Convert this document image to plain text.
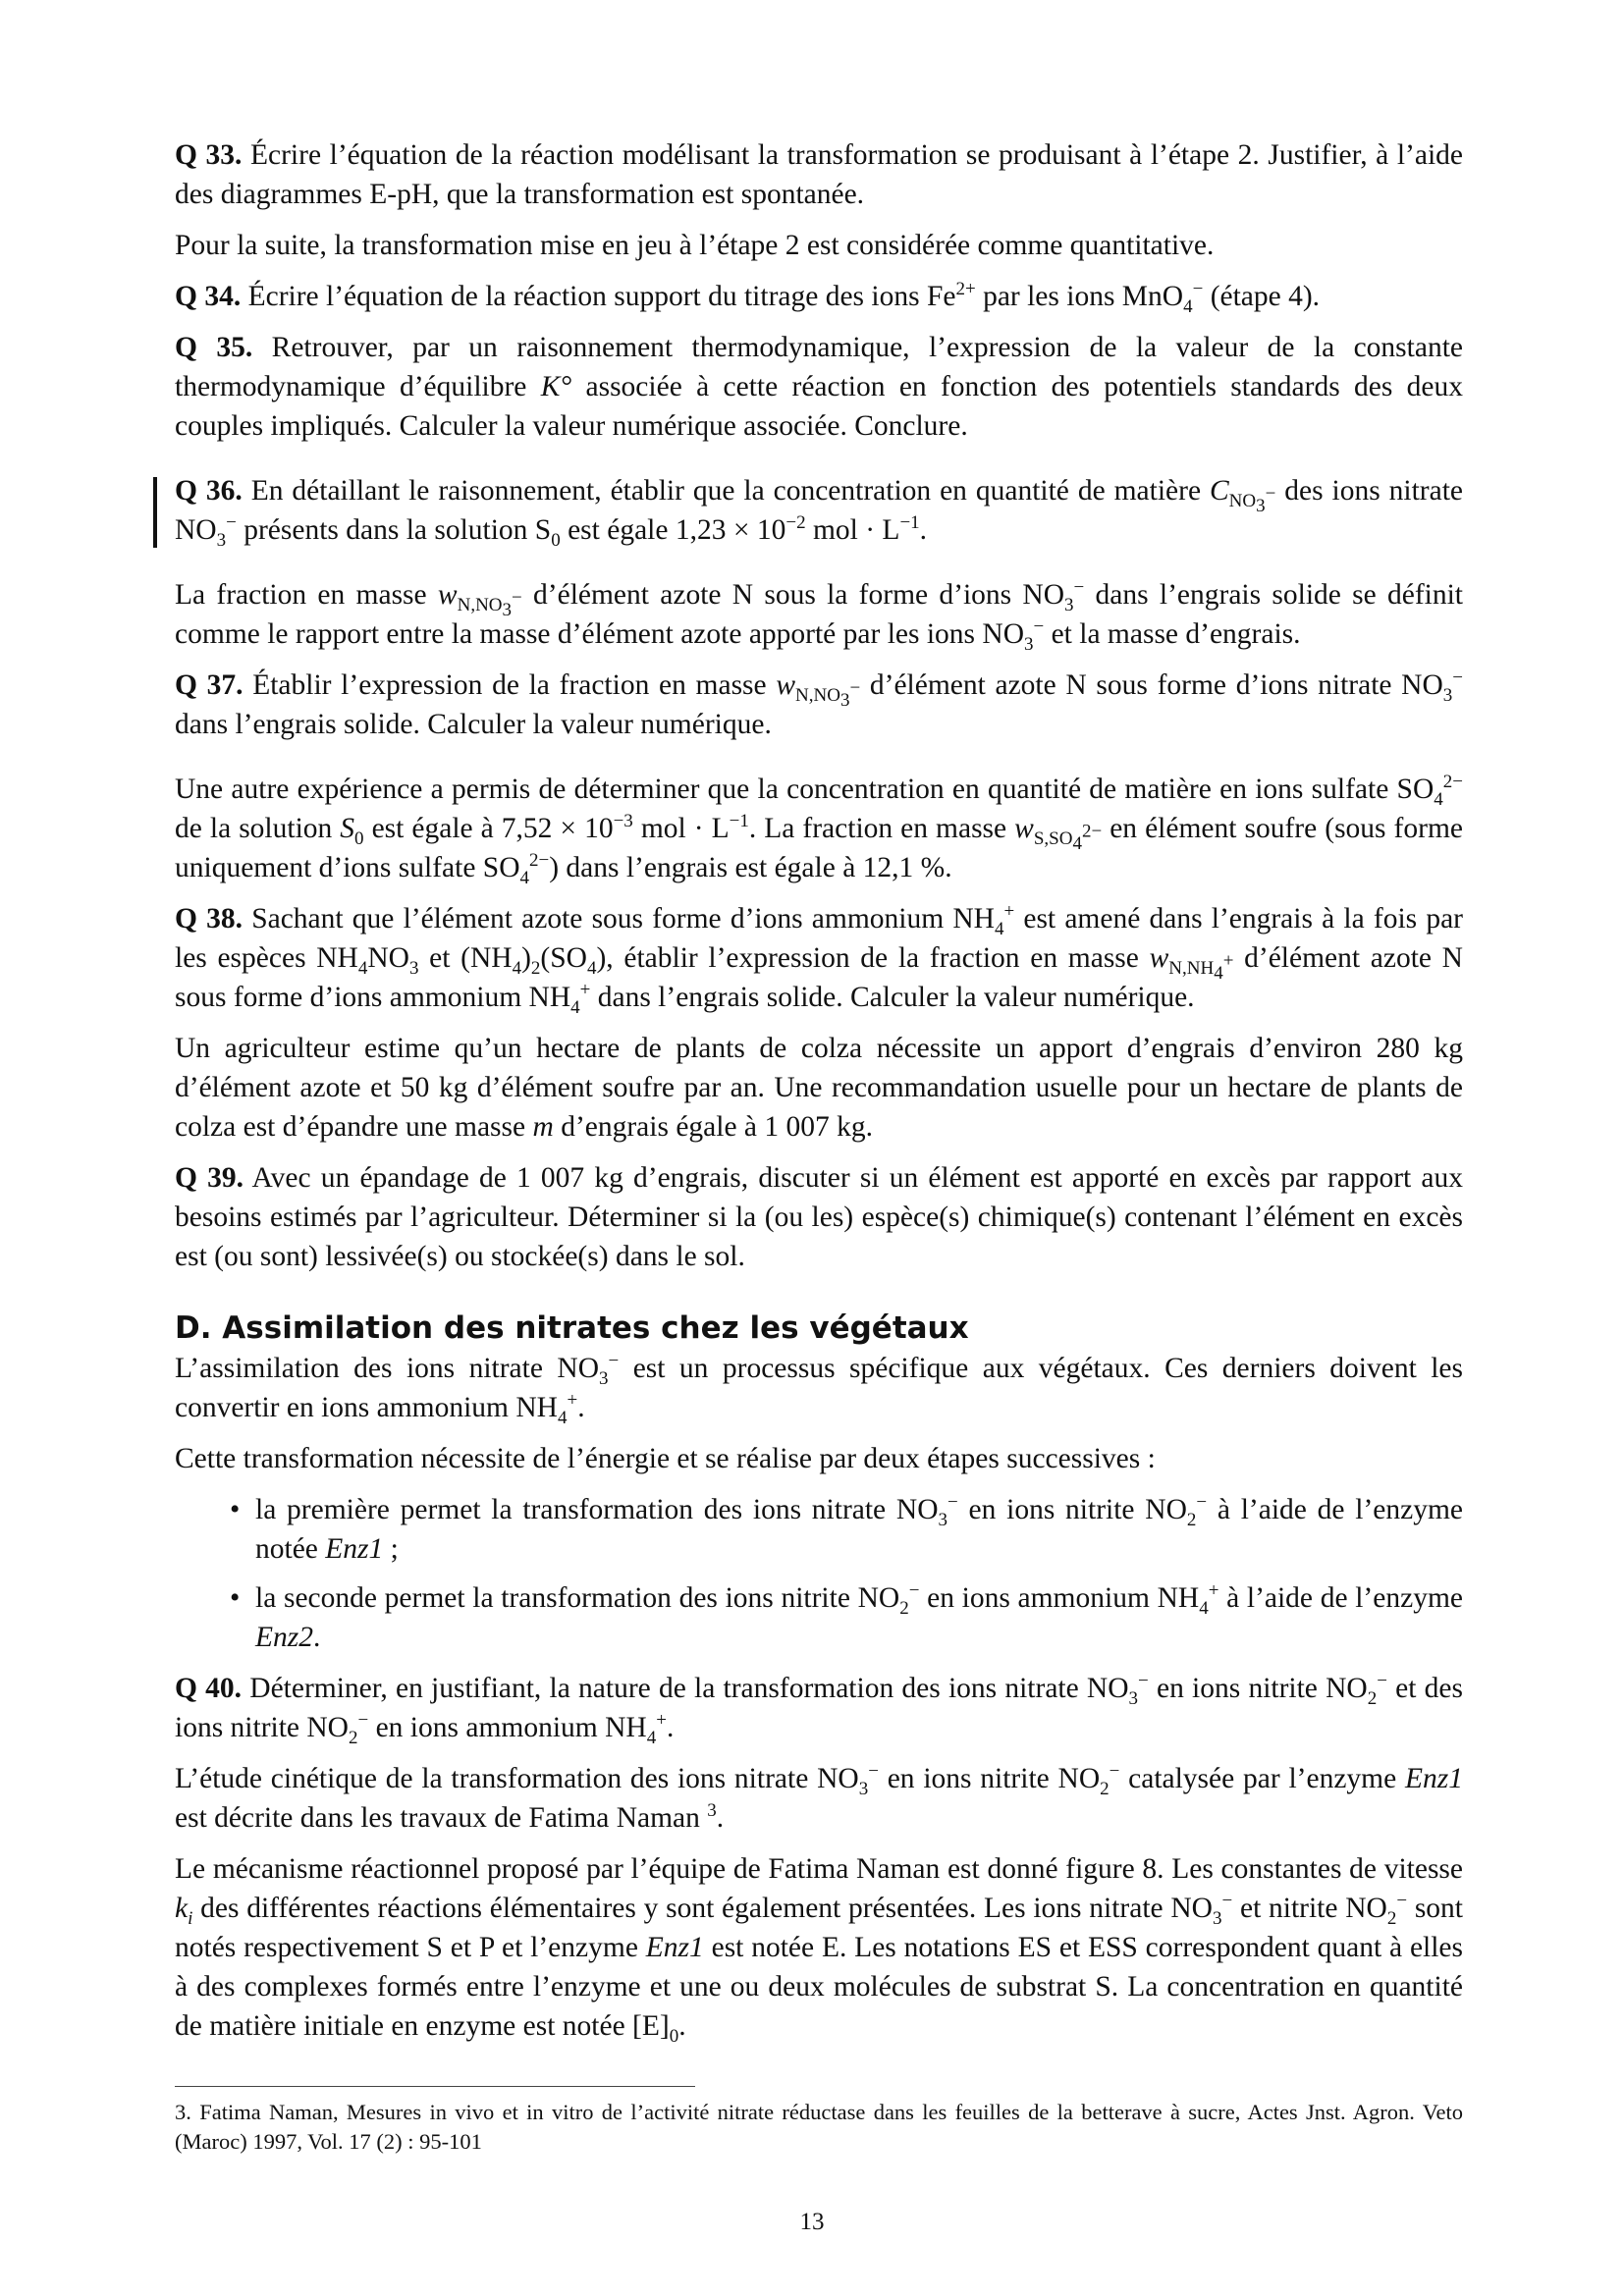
Q 33. Écrire l’équation de la réaction modélisant la transformation se produisant à l’étape 2. Justifier, à l’aide des diagrammes E-pH, que la transformation est spontanée.

Pour la suite, la transformation mise en jeu à l’étape 2 est considérée comme quantitative.

Q 34. Écrire l’équation de la réaction support du titrage des ions $Fe^{2+}$ par les ions MnO$_4$− (étape 4).

Q 35. Retrouver, par un raisonnement thermodynamique, l’expression de la valeur de la constante thermodynamique d’équilibre K° associée à cette réaction en fonction des potentiels standards des deux couples impliqués. Calculer la valeur numérique associée. Conclure.

Q 36. En détaillant le raisonnement, établir que la concentration en quantité de matière $C_{NO_3^-}$ des ions nitrate $NO_3^-$ présents dans la solution $S_0$ est égale $1,23 \times 10^{-2}$ mol · $L^{-1}$.

La fraction en masse $w_{N,NO_3^-}$ d’élément azote N sous la forme d’ions $NO_3^-$ dans l’engrais solide se définit comme le rapport entre la masse d’élément azote apporté par les ions $NO_3^-$ et la masse d’engrais.

Q 37. Établir l’expression de la fraction en masse $w_{N,NO_3^-}$ d’élément azote N sous forme d’ions nitrate $NO_3^-$ dans l’engrais solide. Calculer la valeur numérique.

Une autre expérience a permis de déterminer que la concentration en quantité de matière en ions sulfate $SO_4^{2-}$ de la solution $S_0$ est égale à $7,52 \times 10^{-3}$ mol · $L^{-1}$. La fraction en masse $w_{S,SO_4^{2-}}$ en élément soufre (sous forme uniquement d’ions sulfate $SO_4^{2-}$) dans l’engrais est égale à 12,1 %.

Q 38. Sachant que l’élément azote sous forme d’ions ammonium $NH_4^+$ est amené dans l’engrais à la fois par les espèces $NH_4NO_3$ et $(NH_4)_2(SO_4)$, établir l’expression de la fraction en masse $w_{N,NH_4^+}$ d’élément azote N sous forme d’ions ammonium $NH_4^+$ dans l’engrais solide. Calculer la valeur numérique.

Un agriculteur estime qu’un hectare de plants de colza nécessite un apport d’engrais d’environ 280 kg d’élément azote et 50 kg d’élément soufre par an. Une recommandation usuelle pour un hectare de plants de colza est d’épandre une masse m d’engrais égale à 1 007 kg.

Q 39. Avec un épandage de 1 007 kg d’engrais, discuter si un élément est apporté en excès par rapport aux besoins estimés par l’agriculteur. Déterminer si la (ou les) espèce(s) chimique(s) contenant l’élément en excès est (ou sont) lessivée(s) ou stockée(s) dans le sol.

D. Assimilation des nitrates chez les végétaux

L’assimilation des ions nitrate $NO_3^-$ est un processus spécifique aux végétaux. Ces derniers doivent les convertir en ions ammonium $NH_4^+$.

Cette transformation nécessite de l’énergie et se réalise par deux étapes successives :

• la première permet la transformation des ions nitrate $NO_3^-$ en ions nitrite $NO_2^-$ à l’aide de l’enzyme notée Enz1 ;
• la seconde permet la transformation des ions nitrite $NO_2^-$ en ions ammonium $NH_4^+$ à l’aide de l’enzyme Enz2.

Q 40. Déterminer, en justifiant, la nature de la transformation des ions nitrate $NO_3^-$ en ions nitrite $NO_2^-$ et des ions nitrite $NO_2^-$ en ions ammonium $NH_4^+$.

L’étude cinétique de la transformation des ions nitrate $NO_3^-$ en ions nitrite $NO_2^-$ catalysée par l’enzyme Enz1 est décrite dans les travaux de Fatima Naman $^3$.

Le mécanisme réactionnel proposé par l’équipe de Fatima Naman est donné figure 8. Les constantes de vitesse $k_i$ des différentes réactions élémentaires y sont également présentées. Les ions nitrate $NO_3^-$ et nitrite $NO_2^-$ sont notés respectivement S et P et l’enzyme Enz1 est notée E. Les notations ES et ESS correspondent quant à elles à des complexes formés entre l’enzyme et une ou deux molécules de substrat S. La concentration en quantité de matière initiale en enzyme est notée $[E]_0$.

3. Fatima Naman, Mesures in vivo et in vitro de l’activité nitrate réductase dans les feuilles de la betterave à sucre, Actes Jnst. Agron. Veto (Maroc) 1997, Vol. 17 (2) : 95-101
13
